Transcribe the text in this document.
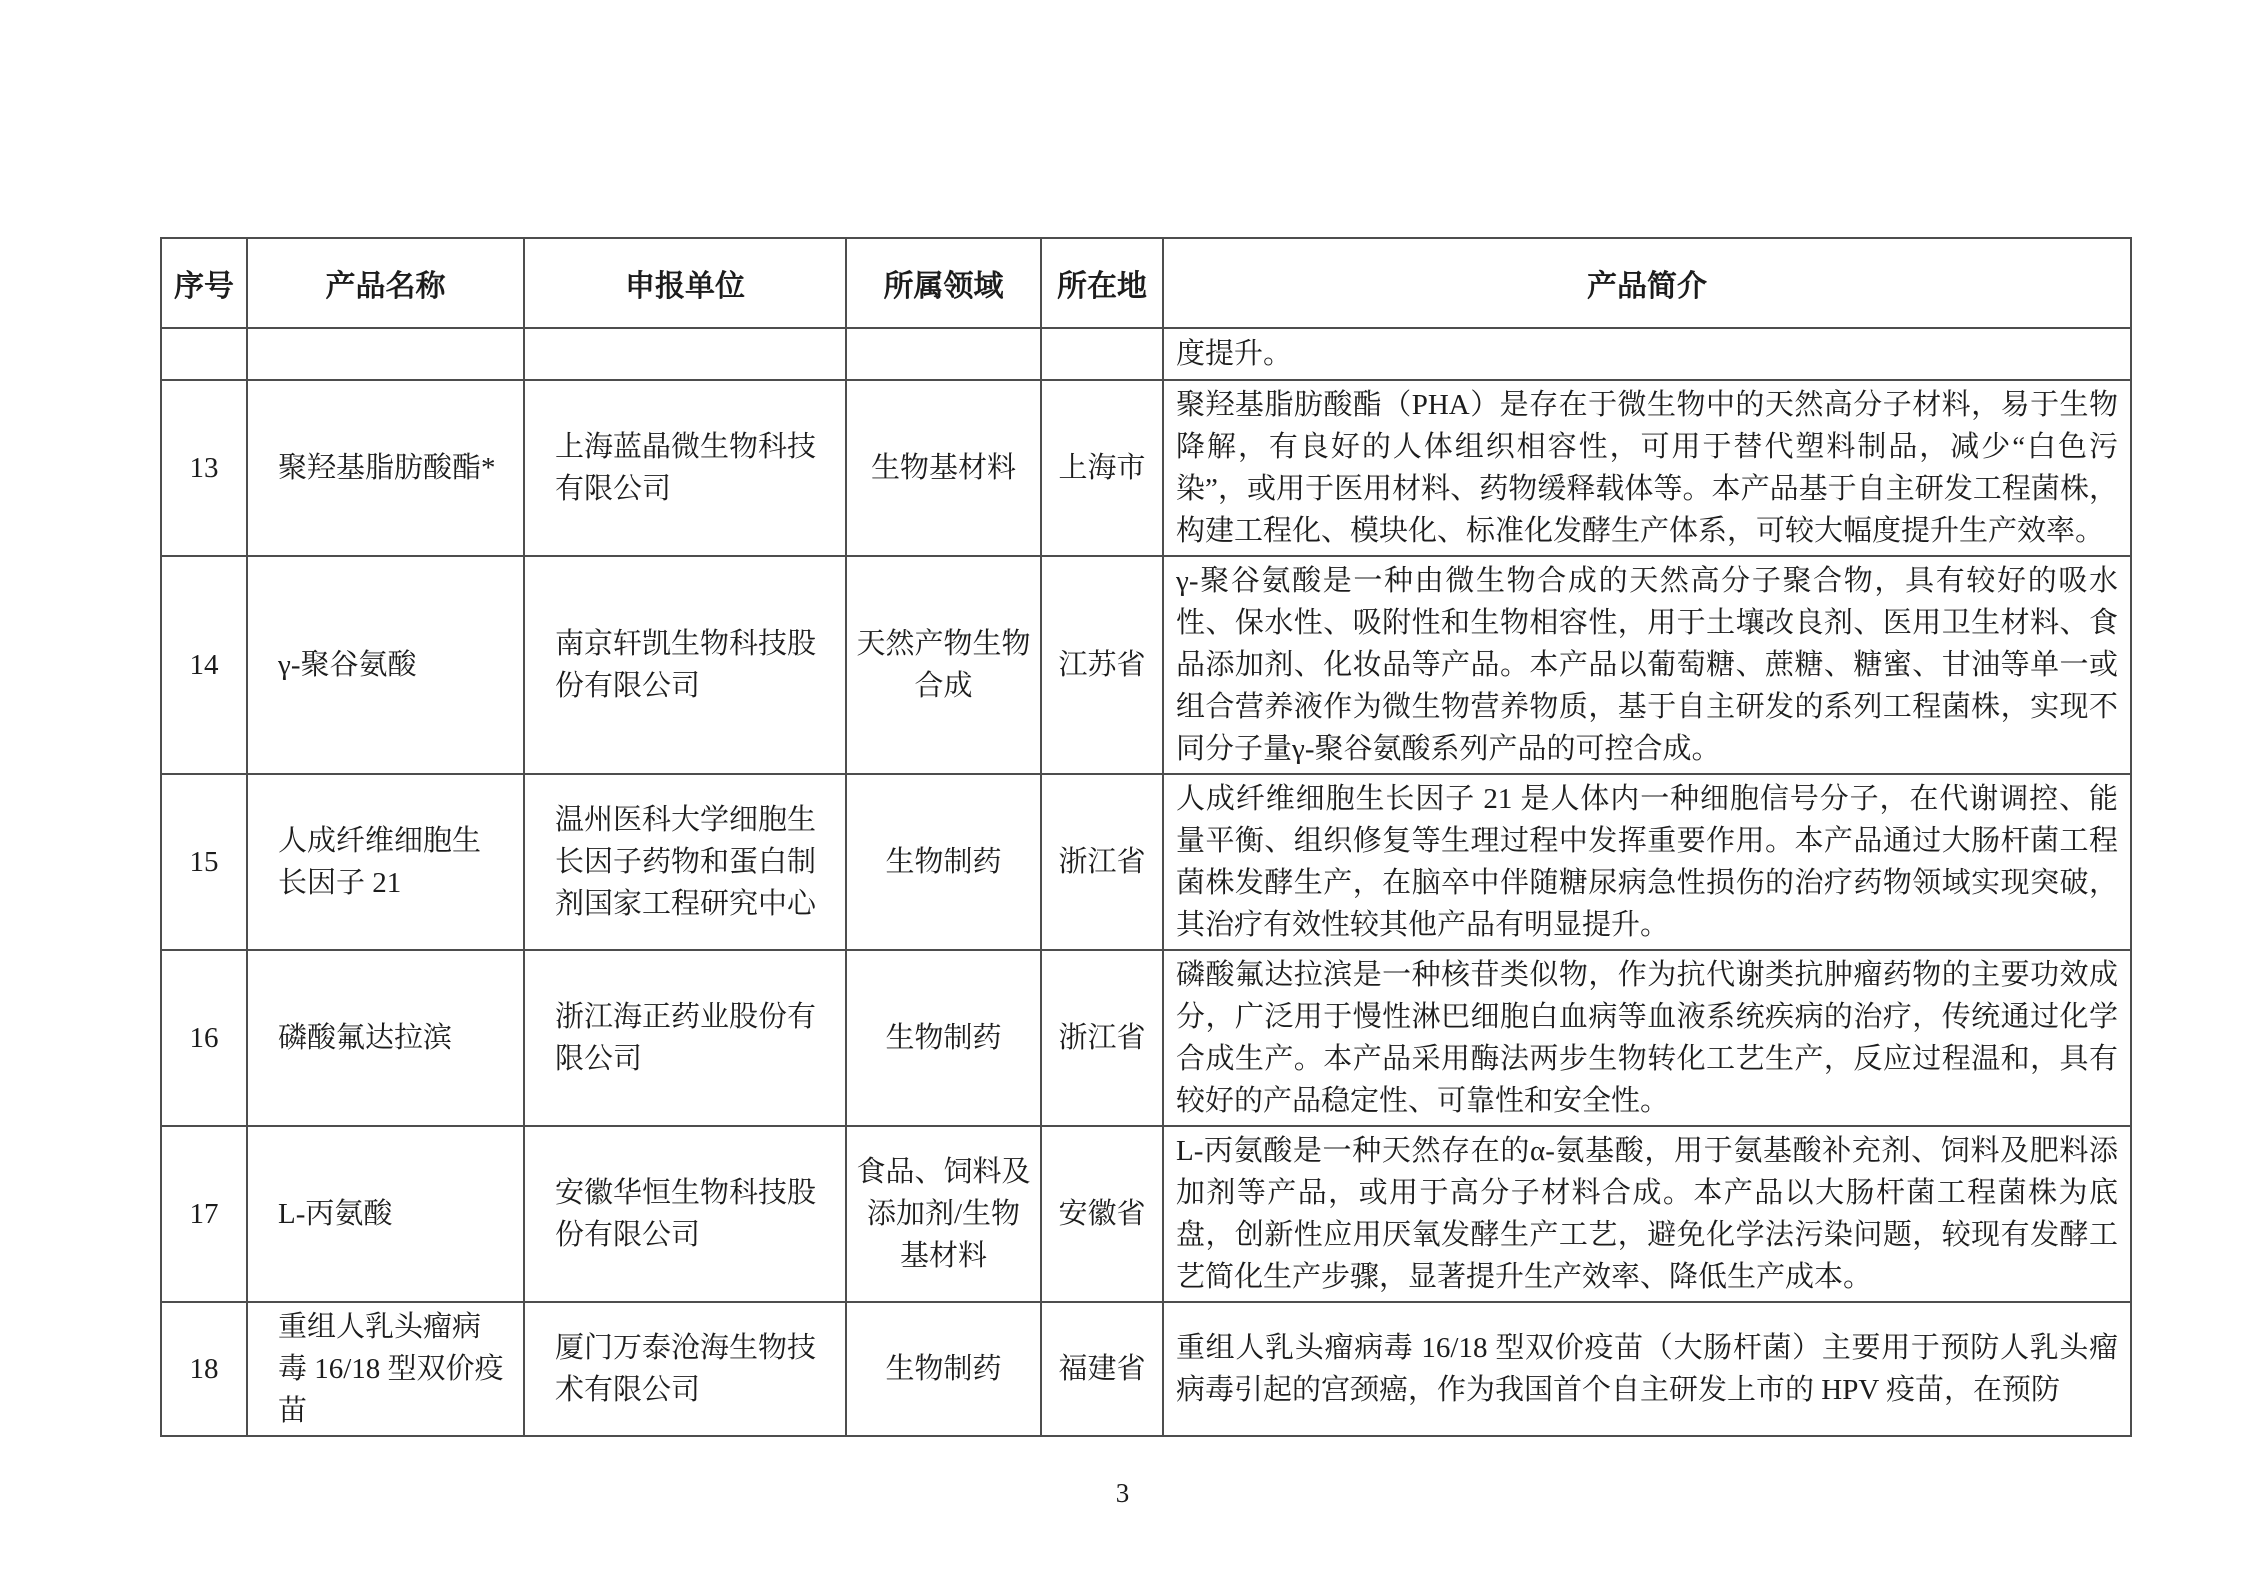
序号	产品名称	申报单位	所属领域	所在地	产品简介
					度提升。
13	聚羟基脂肪酸酯*	上海蓝晶微生物科技有限公司	生物基材料	上海市	聚羟基脂肪酸酯（PHA）是存在于微生物中的天然高分子材料，易于生物降解，有良好的人体组织相容性，可用于替代塑料制品，减少“白色污染”，或用于医用材料、药物缓释载体等。本产品基于自主研发工程菌株，构建工程化、模块化、标准化发酵生产体系，可较大幅度提升生产效率。
14	γ-聚谷氨酸	南京轩凯生物科技股份有限公司	天然产物生物合成	江苏省	γ-聚谷氨酸是一种由微生物合成的天然高分子聚合物，具有较好的吸水性、保水性、吸附性和生物相容性，用于土壤改良剂、医用卫生材料、食品添加剂、化妆品等产品。本产品以葡萄糖、蔗糖、糖蜜、甘油等单一或组合营养液作为微生物营养物质，基于自主研发的系列工程菌株，实现不同分子量γ-聚谷氨酸系列产品的可控合成。
15	人成纤维细胞生长因子 21	温州医科大学细胞生长因子药物和蛋白制剂国家工程研究中心	生物制药	浙江省	人成纤维细胞生长因子 21 是人体内一种细胞信号分子，在代谢调控、能量平衡、组织修复等生理过程中发挥重要作用。本产品通过大肠杆菌工程菌株发酵生产，在脑卒中伴随糖尿病急性损伤的治疗药物领域实现突破，其治疗有效性较其他产品有明显提升。
16	磷酸氟达拉滨	浙江海正药业股份有限公司	生物制药	浙江省	磷酸氟达拉滨是一种核苷类似物，作为抗代谢类抗肿瘤药物的主要功效成分，广泛用于慢性淋巴细胞白血病等血液系统疾病的治疗，传统通过化学合成生产。本产品采用酶法两步生物转化工艺生产，反应过程温和，具有较好的产品稳定性、可靠性和安全性。
17	L-丙氨酸	安徽华恒生物科技股份有限公司	食品、饲料及添加剂/生物基材料	安徽省	L-丙氨酸是一种天然存在的α-氨基酸，用于氨基酸补充剂、饲料及肥料添加剂等产品，或用于高分子材料合成。本产品以大肠杆菌工程菌株为底盘，创新性应用厌氧发酵生产工艺，避免化学法污染问题，较现有发酵工艺简化生产步骤，显著提升生产效率、降低生产成本。
18	重组人乳头瘤病毒 16/18 型双价疫苗	厦门万泰沧海生物技术有限公司	生物制药	福建省	重组人乳头瘤病毒 16/18 型双价疫苗（大肠杆菌）主要用于预防人乳头瘤病毒引起的宫颈癌，作为我国首个自主研发上市的 HPV 疫苗，在预防
3
